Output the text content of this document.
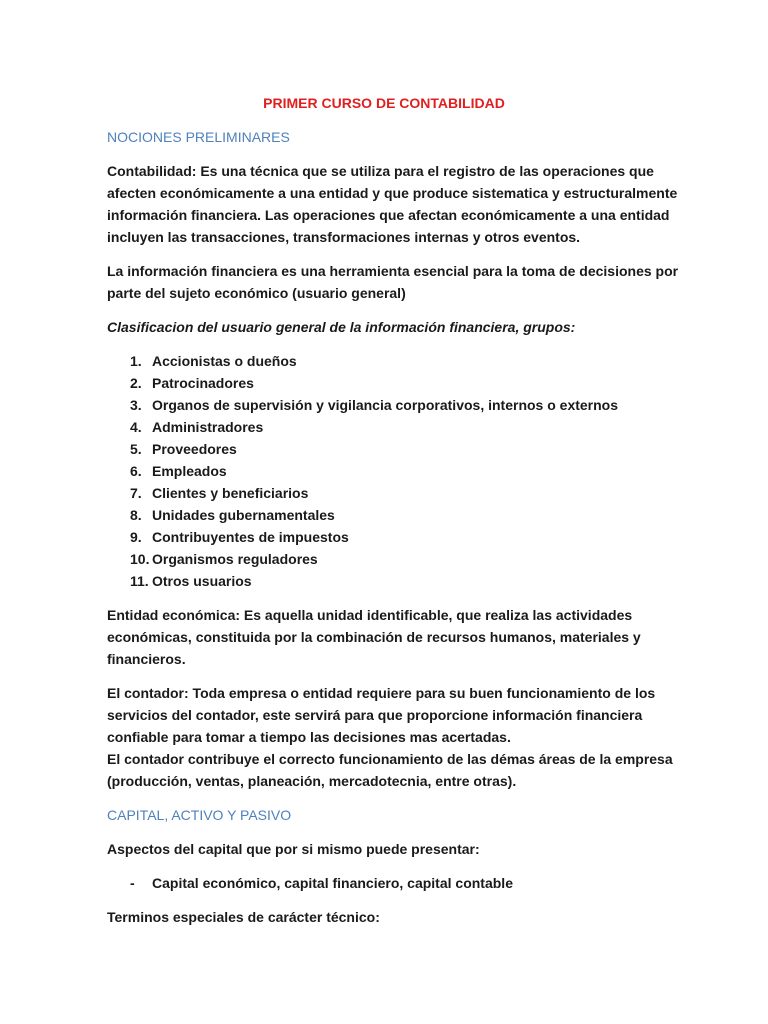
PRIMER CURSO DE CONTABILIDAD
NOCIONES PRELIMINARES
Contabilidad: Es una técnica que se utiliza para el registro de las operaciones que
afecten económicamente a una entidad y que produce sistematica y estructuralmente
información financiera. Las operaciones que afectan económicamente a una entidad
incluyen las transacciones, transformaciones internas y otros eventos.
La información financiera es una herramienta esencial para la toma de decisiones por
parte del sujeto económico (usuario general)
Clasificacion del usuario general de la información financiera, grupos:
1. Accionistas o dueños
2. Patrocinadores
3. Organos de supervisión y vigilancia corporativos, internos o externos
4. Administradores
5. Proveedores
6. Empleados
7. Clientes y beneficiarios
8. Unidades gubernamentales
9. Contribuyentes de impuestos
10. Organismos reguladores
11. Otros usuarios
Entidad económica: Es aquella unidad identificable, que realiza las actividades
económicas, constituida por la combinación de recursos humanos, materiales y
financieros.
El contador: Toda empresa o entidad requiere para su buen funcionamiento de los
servicios del contador, este servirá para que proporcione información financiera
confiable para tomar a tiempo las decisiones mas acertadas.
El contador contribuye el correcto funcionamiento de las démas áreas de la empresa
(producción, ventas, planeación, mercadotecnia, entre otras).
CAPITAL, ACTIVO Y PASIVO
Aspectos del capital que por si mismo puede presentar:
- Capital económico, capital financiero, capital contable
Terminos especiales de carácter técnico:
